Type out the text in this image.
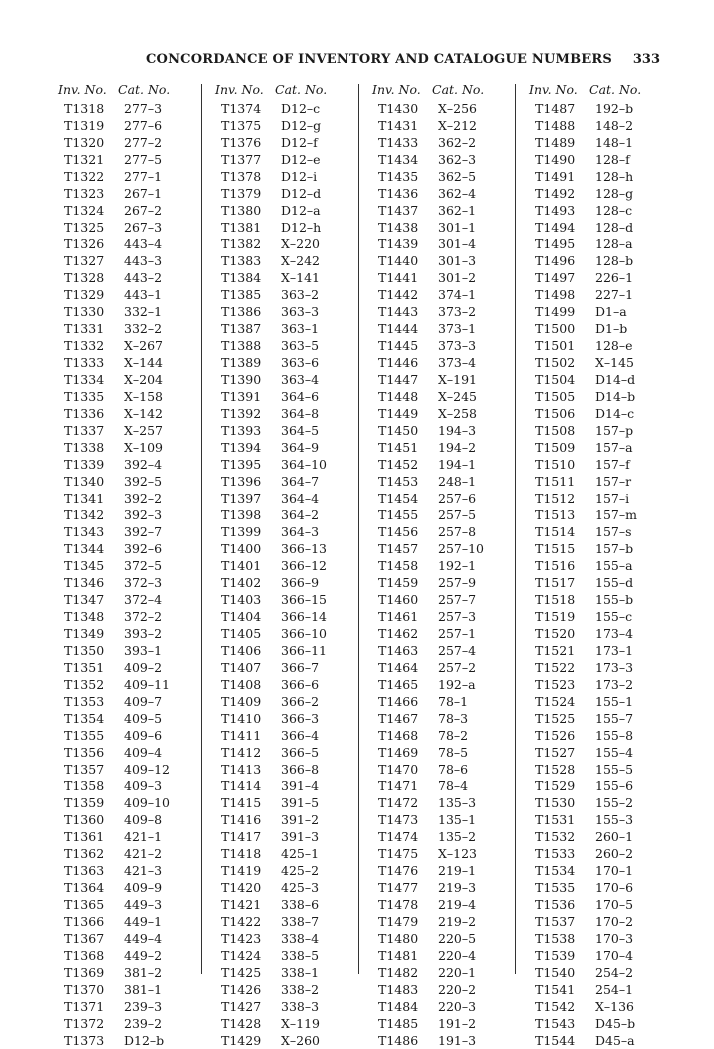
CONCORDANCE OF INVENTORY AND CATALOGUE NUMBERS 333
Inv. No. Cat. No.
T1318	277–3
T1319	277–6
T1320	277–2
T1321	277–5
T1322	277–1
T1323	267–1
T1324	267–2
T1325	267–3
T1326	443–4
T1327	443–3
T1328	443–2
T1329	443–1
T1330	332–1
T1331	332–2
T1332	X–267
T1333	X–144
T1334	X–204
T1335	X–158
T1336	X–142
T1337	X–257
T1338	X–109
T1339	392–4
T1340	392–5
T1341	392–2
T1342	392–3
T1343	392–7
T1344	392–6
T1345	372–5
T1346	372–3
T1347	372–4
T1348	372–2
T1349	393–2
T1350	393–1
T1351	409–2
T1352	409–11
T1353	409–7
T1354	409–5
T1355	409–6
T1356	409–4
T1357	409–12
T1358	409–3
T1359	409–10
T1360	409–8
T1361	421–1
T1362	421–2
T1363	421–3
T1364	409–9
T1365	449–3
T1366	449–1
T1367	449–4
T1368	449–2
T1369	381–2
T1370	381–1
T1371	239–3
T1372	239–2
T1373	D12–b
Inv. No. Cat. No.
T1374	D12–c
T1375	D12–g
T1376	D12–f
T1377	D12–e
T1378	D12–i
T1379	D12–d
T1380	D12–a
T1381	D12–h
T1382	X–220
T1383	X–242
T1384	X–141
T1385	363–2
T1386	363–3
T1387	363–1
T1388	363–5
T1389	363–6
T1390	363–4
T1391	364–6
T1392	364–8
T1393	364–5
T1394	364–9
T1395	364–10
T1396	364–7
T1397	364–4
T1398	364–2
T1399	364–3
T1400	366–13
T1401	366–12
T1402	366–9
T1403	366–15
T1404	366–14
T1405	366–10
T1406	366–11
T1407	366–7
T1408	366–6
T1409	366–2
T1410	366–3
T1411	366–4
T1412	366–5
T1413	366–8
T1414	391–4
T1415	391–5
T1416	391–2
T1417	391–3
T1418	425–1
T1419	425–2
T1420	425–3
T1421	338–6
T1422	338–7
T1423	338–4
T1424	338–5
T1425	338–1
T1426	338–2
T1427	338–3
T1428	X–119
T1429	X–260
Inv. No. Cat. No.
T1430	X–256
T1431	X–212
T1433	362–2
T1434	362–3
T1435	362–5
T1436	362–4
T1437	362–1
T1438	301–1
T1439	301–4
T1440	301–3
T1441	301–2
T1442	374–1
T1443	373–2
T1444	373–1
T1445	373–3
T1446	373–4
T1447	X–191
T1448	X–245
T1449	X–258
T1450	194–3
T1451	194–2
T1452	194–1
T1453	248–1
T1454	257–6
T1455	257–5
T1456	257–8
T1457	257–10
T1458	192–1
T1459	257–9
T1460	257–7
T1461	257–3
T1462	257–1
T1463	257–4
T1464	257–2
T1465	192–a
T1466	78–1
T1467	78–3
T1468	78–2
T1469	78–5
T1470	78–6
T1471	78–4
T1472	135–3
T1473	135–1
T1474	135–2
T1475	X–123
T1476	219–1
T1477	219–3
T1478	219–4
T1479	219–2
T1480	220–5
T1481	220–4
T1482	220–1
T1483	220–2
T1484	220–3
T1485	191–2
T1486	191–3
Inv. No. Cat. No.
T1487	192–b
T1488	148–2
T1489	148–1
T1490	128–f
T1491	128–h
T1492	128–g
T1493	128–c
T1494	128–d
T1495	128–a
T1496	128–b
T1497	226–1
T1498	227–1
T1499	D1–a
T1500	D1–b
T1501	128–e
T1502	X–145
T1504	D14–d
T1505	D14–b
T1506	D14–c
T1508	157–p
T1509	157–a
T1510	157–f
T1511	157–r
T1512	157–i
T1513	157–m
T1514	157–s
T1515	157–b
T1516	155–a
T1517	155–d
T1518	155–b
T1519	155–c
T1520	173–4
T1521	173–1
T1522	173–3
T1523	173–2
T1524	155–1
T1525	155–7
T1526	155–8
T1527	155–4
T1528	155–5
T1529	155–6
T1530	155–2
T1531	155–3
T1532	260–1
T1533	260–2
T1534	170–1
T1535	170–6
T1536	170–5
T1537	170–2
T1538	170–3
T1539	170–4
T1540	254–2
T1541	254–1
T1542	X–136
T1543	D45–b
T1544	D45–a
